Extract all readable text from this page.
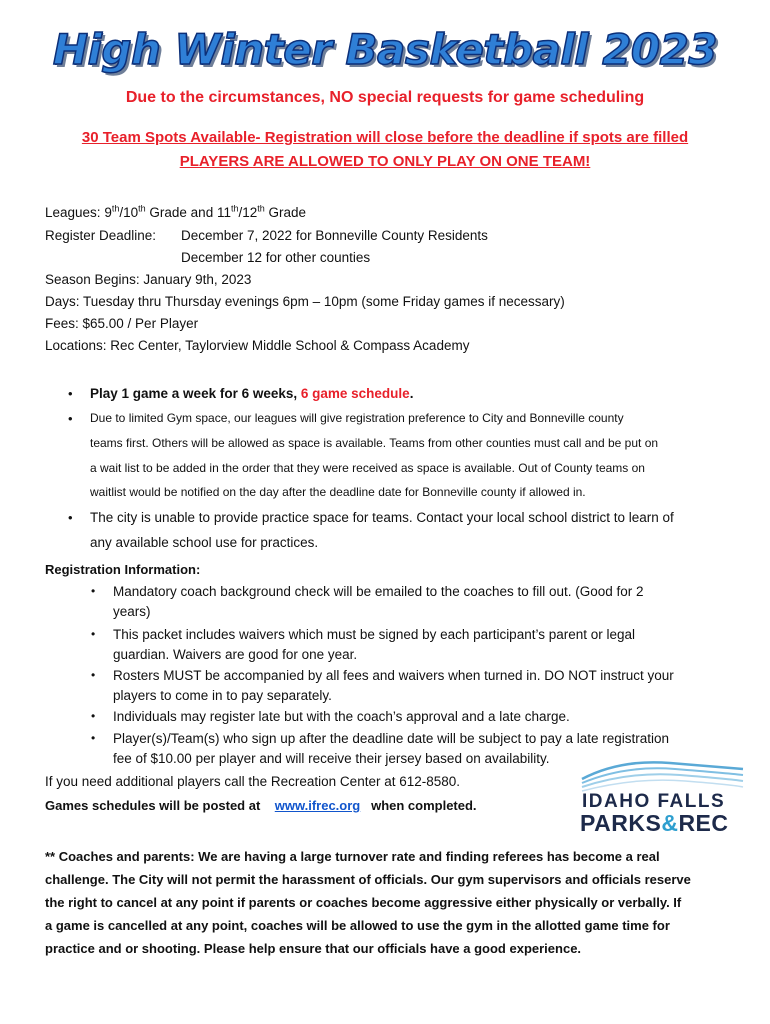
High Winter Basketball 2023
Due to the circumstances, NO special requests for game scheduling
30 Team Spots Available- Registration will close before the deadline if spots are filled
PLAYERS ARE ALLOWED TO ONLY PLAY ON ONE TEAM!
Leagues: 9th/10th Grade and 11th/12th Grade
Register Deadline: December 7, 2022 for Bonneville County Residents
December 12 for other counties
Season Begins: January 9th, 2023
Days: Tuesday thru Thursday evenings 6pm – 10pm (some Friday games if necessary)
Fees: $65.00 / Per Player
Locations: Rec Center, Taylorview Middle School & Compass Academy
• Play 1 game a week for 6 weeks, 6 game schedule.
• Due to limited Gym space, our leagues will give registration preference to City and Bonneville county
teams first. Others will be allowed as space is available. Teams from other counties must call and be put on
a wait list to be added in the order that they were received as space is available. Out of County teams on
waitlist would be notified on the day after the deadline date for Bonneville county if allowed in.
• The city is unable to provide practice space for teams. Contact your local school district to learn of
any available school use for practices.
Registration Information:
• Mandatory coach background check will be emailed to the coaches to fill out. (Good for 2
years)
• This packet includes waivers which must be signed by each participant’s parent or legal
guardian. Waivers are good for one year.
• Rosters MUST be accompanied by all fees and waivers when turned in. DO NOT instruct your
players to come in to pay separately.
• Individuals may register late but with the coach’s approval and a late charge.
• Player(s)/Team(s) who sign up after the deadline date will be subject to pay a late registration
fee of $10.00 per player and will receive their jersey based on availability.
If you need additional players call the Recreation Center at 612-8580.
Games schedules will be posted at www.ifrec.org when completed.	IDAHO FALLS
PARKS&REC
** Coaches and parents: We are having a large turnover rate and finding referees has become a real
challenge. The City will not permit the harassment of officials. Our gym supervisors and officials reserve
the right to cancel at any point if parents or coaches become aggressive either physically or verbally. If
a game is cancelled at any point, coaches will be allowed to use the gym in the allotted game time for
practice and or shooting. Please help ensure that our officials have a good experience.
